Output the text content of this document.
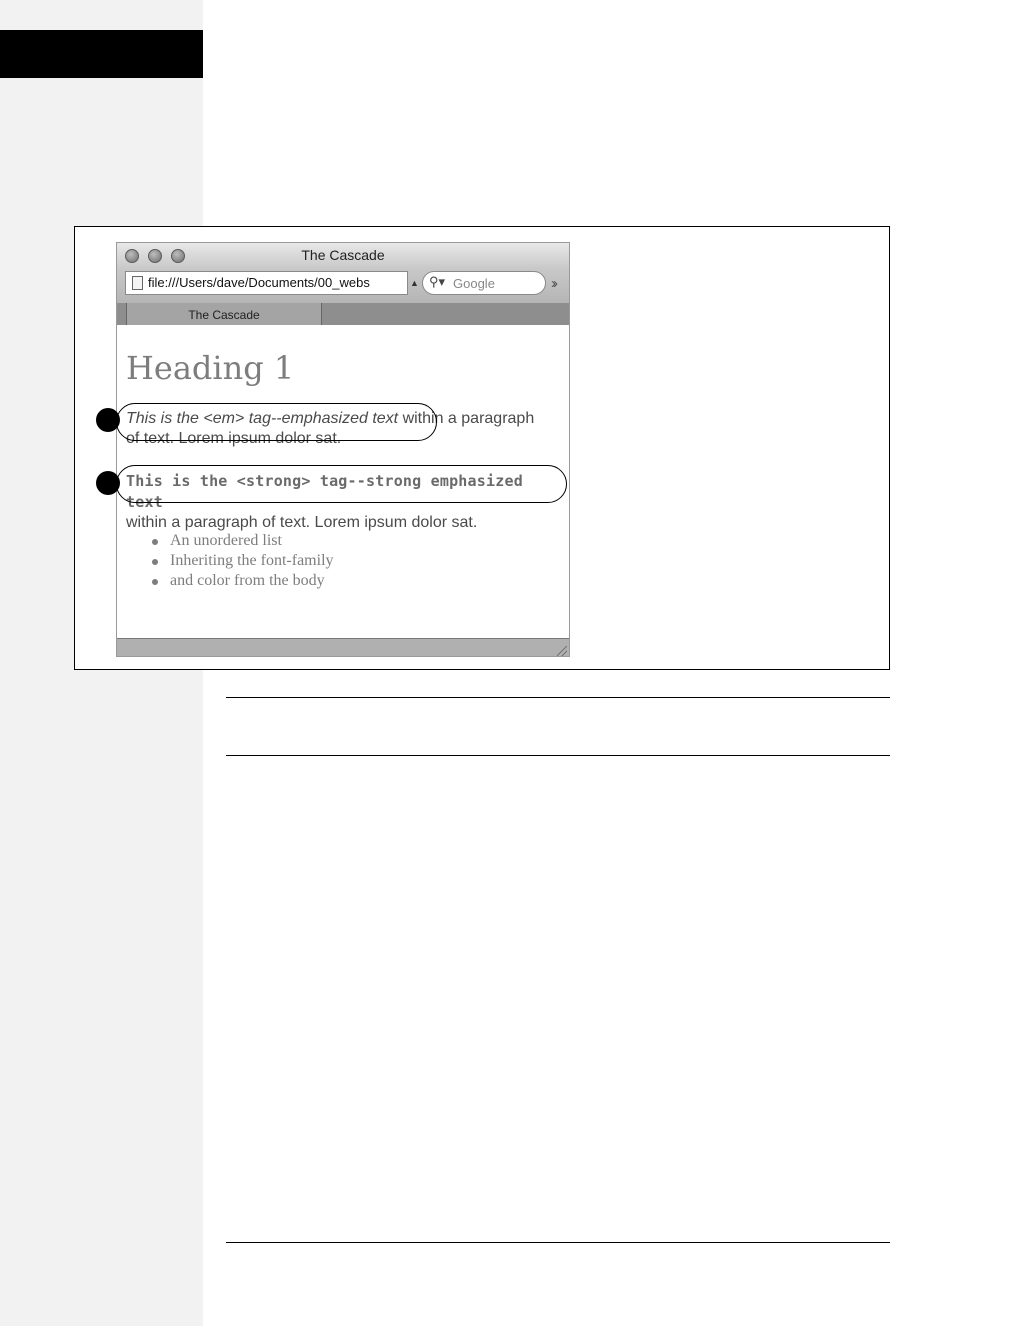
The Cascade
file:///Users/dave/Documents/00_webs	▲ ⚲▾ Google	››
The Cascade
Heading 1

This is the <em> tag--emphasized text within a paragraph of text. Lorem ipsum dolor sat.

This is the <strong> tag--strong emphasized text
within a paragraph of text. Lorem ipsum dolor sat.

An unordered list
Inheriting the font-family
and color from the body
